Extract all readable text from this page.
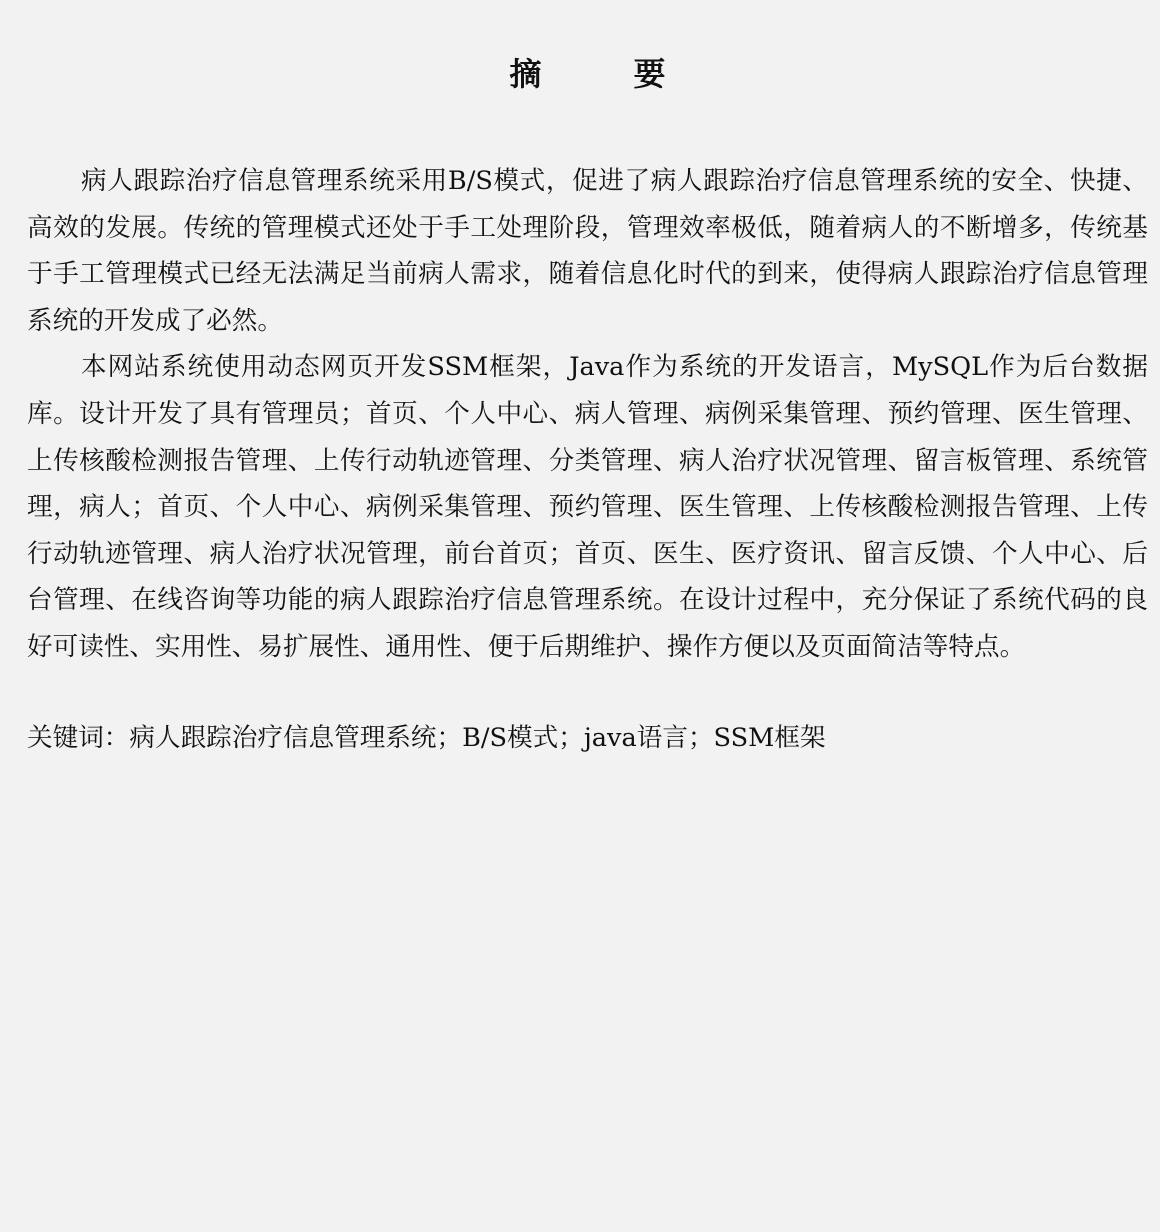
摘　要

病人跟踪治疗信息管理系统采用B/S模式，促进了病人跟踪治疗信息管理系统的安全、快捷、高效的发展。传统的管理模式还处于手工处理阶段，管理效率极低，随着病人的不断增多，传统基于手工管理模式已经无法满足当前病人需求，随着信息化时代的到来，使得病人跟踪治疗信息管理系统的开发成了必然。

本网站系统使用动态网页开发SSM框架，Java作为系统的开发语言，MySQL作为后台数据库。设计开发了具有管理员；首页、个人中心、病人管理、病例采集管理、预约管理、医生管理、上传核酸检测报告管理、上传行动轨迹管理、分类管理、病人治疗状况管理、留言板管理、系统管理，病人；首页、个人中心、病例采集管理、预约管理、医生管理、上传核酸检测报告管理、上传行动轨迹管理、病人治疗状况管理，前台首页；首页、医生、医疗资讯、留言反馈、个人中心、后台管理、在线咨询等功能的病人跟踪治疗信息管理系统。在设计过程中，充分保证了系统代码的良好可读性、实用性、易扩展性、通用性、便于后期维护、操作方便以及页面简洁等特点。

关键词：病人跟踪治疗信息管理系统；B/S模式；java语言；SSM框架
